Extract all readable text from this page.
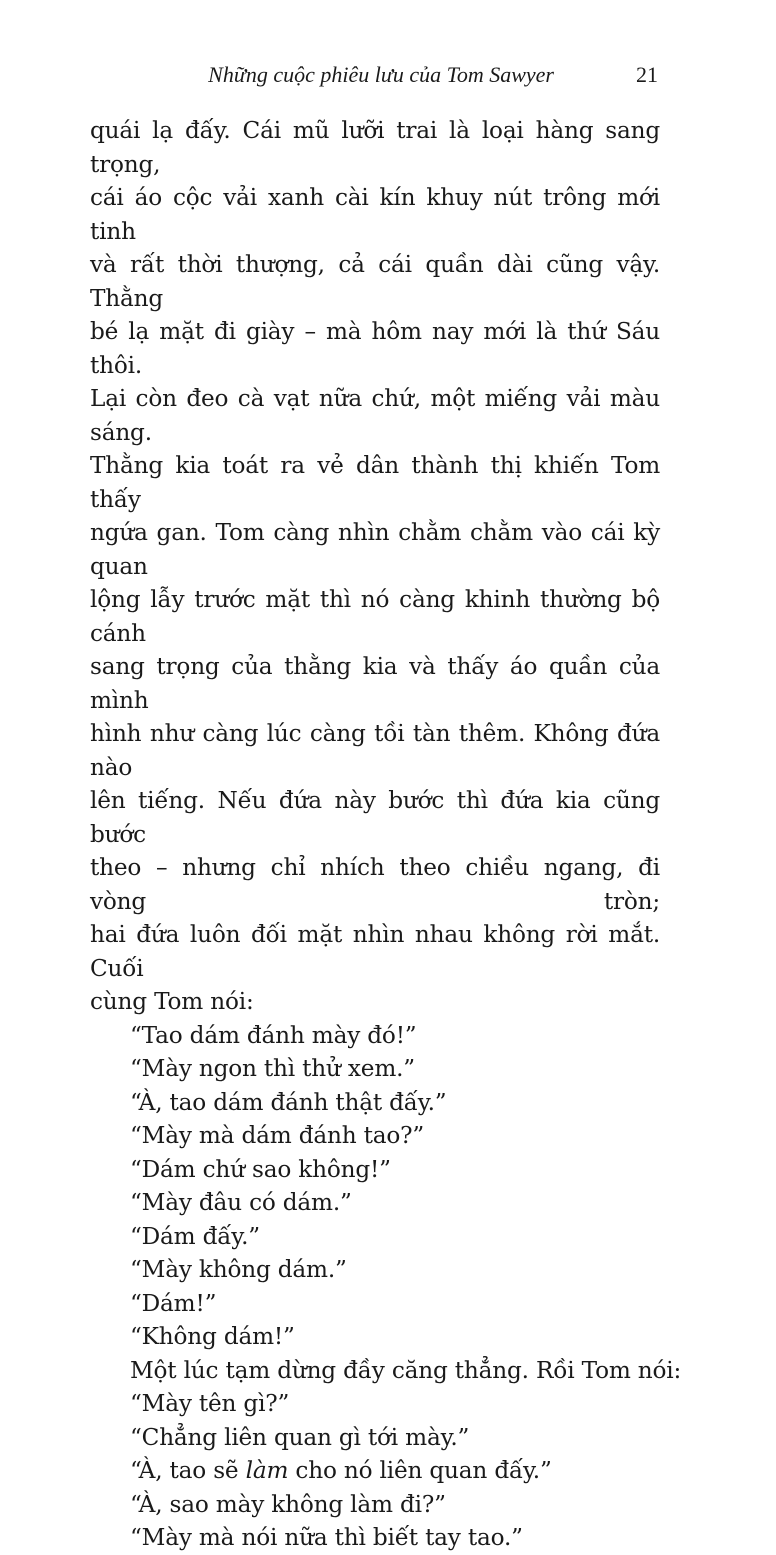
Những cuộc phiêu lưu của Tom Sawyer	21
quái lạ đấy. Cái mũ lưỡi trai là loại hàng sang trọng,
cái áo cộc vải xanh cài kín khuy nút trông mới tinh
và rất thời thượng, cả cái quần dài cũng vậy. Thằng
bé lạ mặt đi giày – mà hôm nay mới là thứ Sáu thôi.
Lại còn đeo cà vạt nữa chứ, một miếng vải màu sáng.
Thằng kia toát ra vẻ dân thành thị khiến Tom thấy
ngứa gan. Tom càng nhìn chằm chằm vào cái kỳ quan
lộng lẫy trước mặt thì nó càng khinh thường bộ cánh
sang trọng của thằng kia và thấy áo quần của mình
hình như càng lúc càng tồi tàn thêm. Không đứa nào
lên tiếng. Nếu đứa này bước thì đứa kia cũng bước
theo – nhưng chỉ nhích theo chiều ngang, đi vòng tròn;
hai đứa luôn đối mặt nhìn nhau không rời mắt. Cuối
cùng Tom nói:
“Tao dám đánh mày đó!”
“Mày ngon thì thử xem.”
“À, tao dám đánh thật đấy.”
“Mày mà dám đánh tao?”
“Dám chứ sao không!”
“Mày đâu có dám.”
“Dám đấy.”
“Mày không dám.”
“Dám!”
“Không dám!”
Một lúc tạm dừng đầy căng thẳng. Rồi Tom nói:
“Mày tên gì?”
“Chẳng liên quan gì tới mày.”
“À, tao sẽ làm cho nó liên quan đấy.”
“À, sao mày không làm đi?”
“Mày mà nói nữa thì biết tay tao.”
